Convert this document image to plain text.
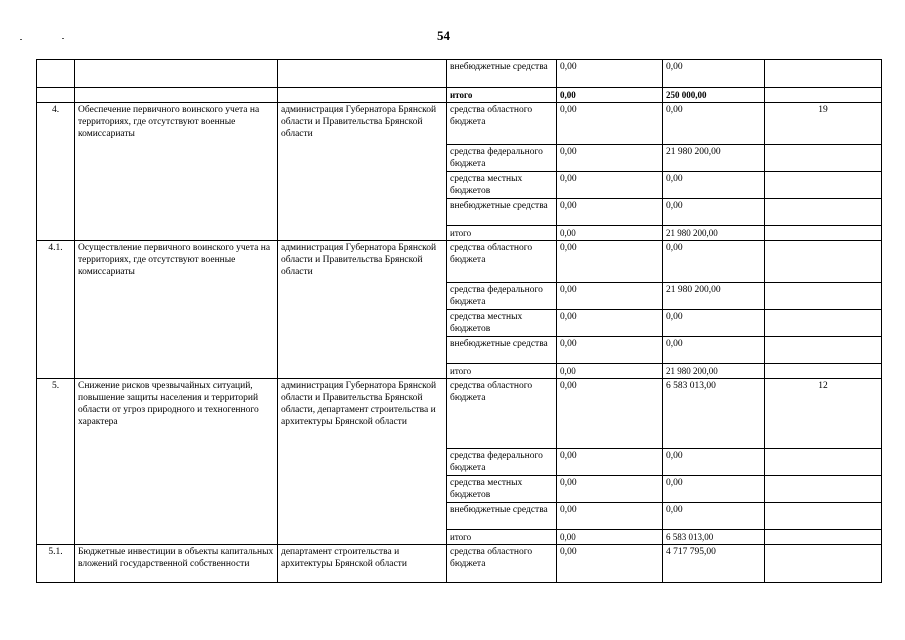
54
			внебюджетные средства	0,00	0,00	
			итого	0,00	250 000,00	
4.	Обеспечение первичного воинского учета на территориях, где отсутствуют военные комиссариаты	администрация Губернатора Брянской области и Правительства Брянской области	средства областного бюджета	0,00	0,00	19
			средства федерального бюджета	0,00	21 980 200,00	
			средства местных бюджетов	0,00	0,00	
			внебюджетные средства	0,00	0,00	
			итого	0,00	21 980 200,00	
4.1.	Осуществление первичного воинского учета на территориях, где отсутствуют военные комиссариаты	администрация Губернатора Брянской области и Правительства Брянской области	средства областного бюджета	0,00	0,00	
			средства федерального бюджета	0,00	21 980 200,00	
			средства местных бюджетов	0,00	0,00	
			внебюджетные средства	0,00	0,00	
			итого	0,00	21 980 200,00	
5.	Снижение рисков чрезвычайных ситуаций, повышение защиты населения и территорий области от угроз природного и техногенного характера	администрация Губернатора Брянской области и Правительства Брянской области, департамент строительства и архитектуры Брянской области	средства областного бюджета	0,00	6 583 013,00	12
			средства федерального бюджета	0,00	0,00	
			средства местных бюджетов	0,00	0,00	
			внебюджетные средства	0,00	0,00	
			итого	0,00	6 583 013,00	
5.1.	Бюджетные инвестиции в объекты капитальных вложений государственной собственности	департамент строительства и архитектуры Брянской области	средства областного бюджета	0,00	4 717 795,00	
